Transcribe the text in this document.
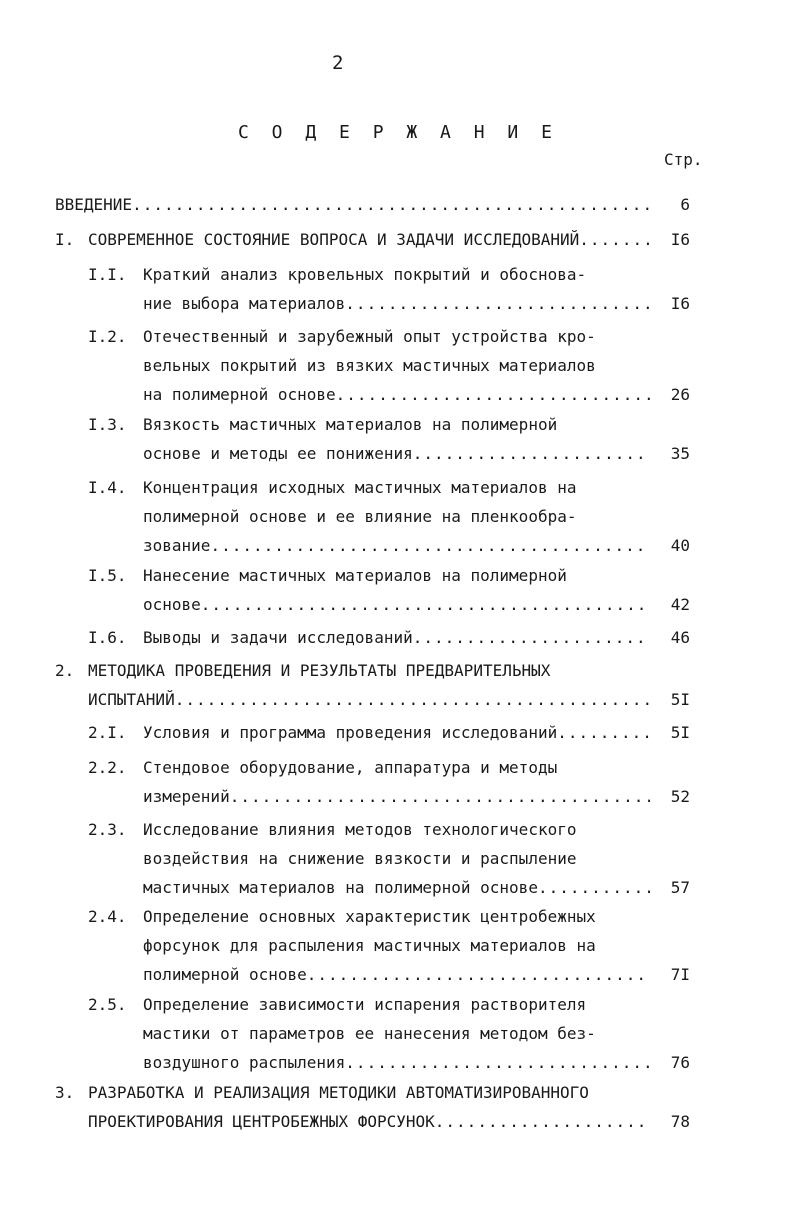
2
С О Д Е Р Ж А Н И Е
Стр.
ВВЕДЕНИЕ .....	6
I. СОВРЕМЕННОЕ СОСТОЯНИЕ ВОПРОСА И ЗАДАЧИ ИССЛЕДОВАНИЙ .....	I6
I.I. Краткий анализ кровельных покрытий и обоснова-
ние выбора материалов .....	I6
I.2. Отечественный и зарубежный опыт устройства кро-
вельных покрытий из вязких мастичных материалов
на полимерной основе .....	26
I.3. Вязкость мастичных материалов на полимерной
основе и методы ее понижения .....	35
I.4. Концентрация исходных мастичных материалов на
полимерной основе и ее влияние на пленкообра-
зование .....	40
I.5. Нанесение мастичных материалов на полимерной
основе .....	42
I.6. Выводы и задачи исследований .....	46
2. МЕТОДИКА ПРОВЕДЕНИЯ И РЕЗУЛЬТАТЫ ПРЕДВАРИТЕЛЬНЫХ
ИСПЫТАНИЙ .....	5I
2.I. Условия и программа проведения исследований .....	5I
2.2. Стендовое оборудование, аппаратура и методы
измерений .....	52
2.3. Исследование влияния методов технологического
воздействия на снижение вязкости и распыление
мастичных материалов на полимерной основе .....	57
2.4. Определение основных характеристик центробежных
форсунок для распыления мастичных материалов на
полимерной основе .....	7I
2.5. Определение зависимости испарения растворителя
мастики от параметров ее нанесения методом без-
воздушного распыления .....	76
3. РАЗРАБОТКА И РЕАЛИЗАЦИЯ МЕТОДИКИ АВТОМАТИЗИРОВАННОГО
ПРОЕКТИРОВАНИЯ ЦЕНТРОБЕЖНЫХ ФОРСУНОК .....	78
